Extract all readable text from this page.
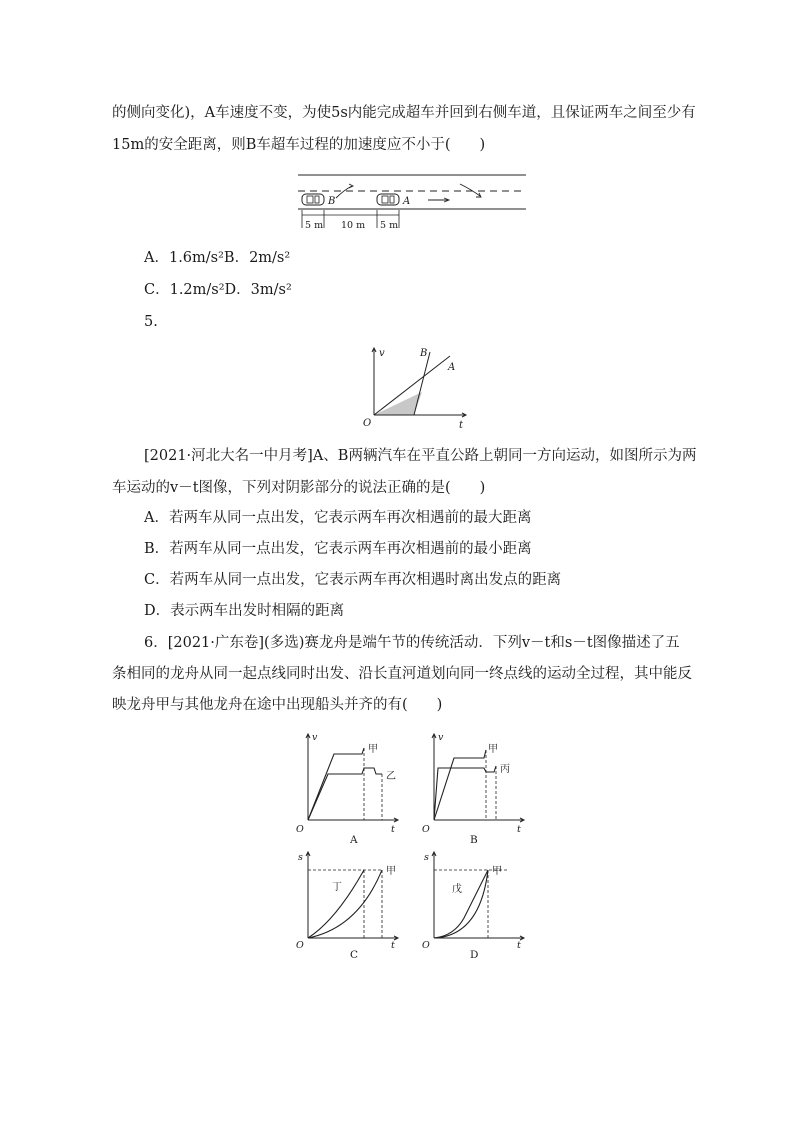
的侧向变化)，A车速度不变，为使5s内能完成超车并回到右侧车道，且保证两车之间至少有
15m的安全距离，则B车超车过程的加速度应不小于(　　)
B	A
5 m 10 m 5 m
A．1.6m/s²B．2m/s²
C．1.2m/s²D．3m/s²
5.
v
t
O
A
B
[2021·河北大名一中月考]A、B两辆汽车在平直公路上朝同一方向运动，如图所示为两
车运动的v－t图像，下列对阴影部分的说法正确的是(　　)
A．若两车从同一点出发，它表示两车再次相遇前的最大距离
B．若两车从同一点出发，它表示两车再次相遇前的最小距离
C．若两车从同一点出发，它表示两车再次相遇时离出发点的距离
D．表示两车出发时相隔的距离
6．[2021·广东卷](多选)赛龙舟是端午节的传统活动．下列v－t和s－t图像描述了五
条相同的龙舟从同一起点线同时出发、沿长直河道划向同一终点线的运动全过程，其中能反
映龙舟甲与其他龙舟在途中出现船头并齐的有(　　)
v
t
O
甲
乙
A
v
t
O
甲
丙
B
s
t
O
甲
丁
C
s
t
O
甲
戊
D
